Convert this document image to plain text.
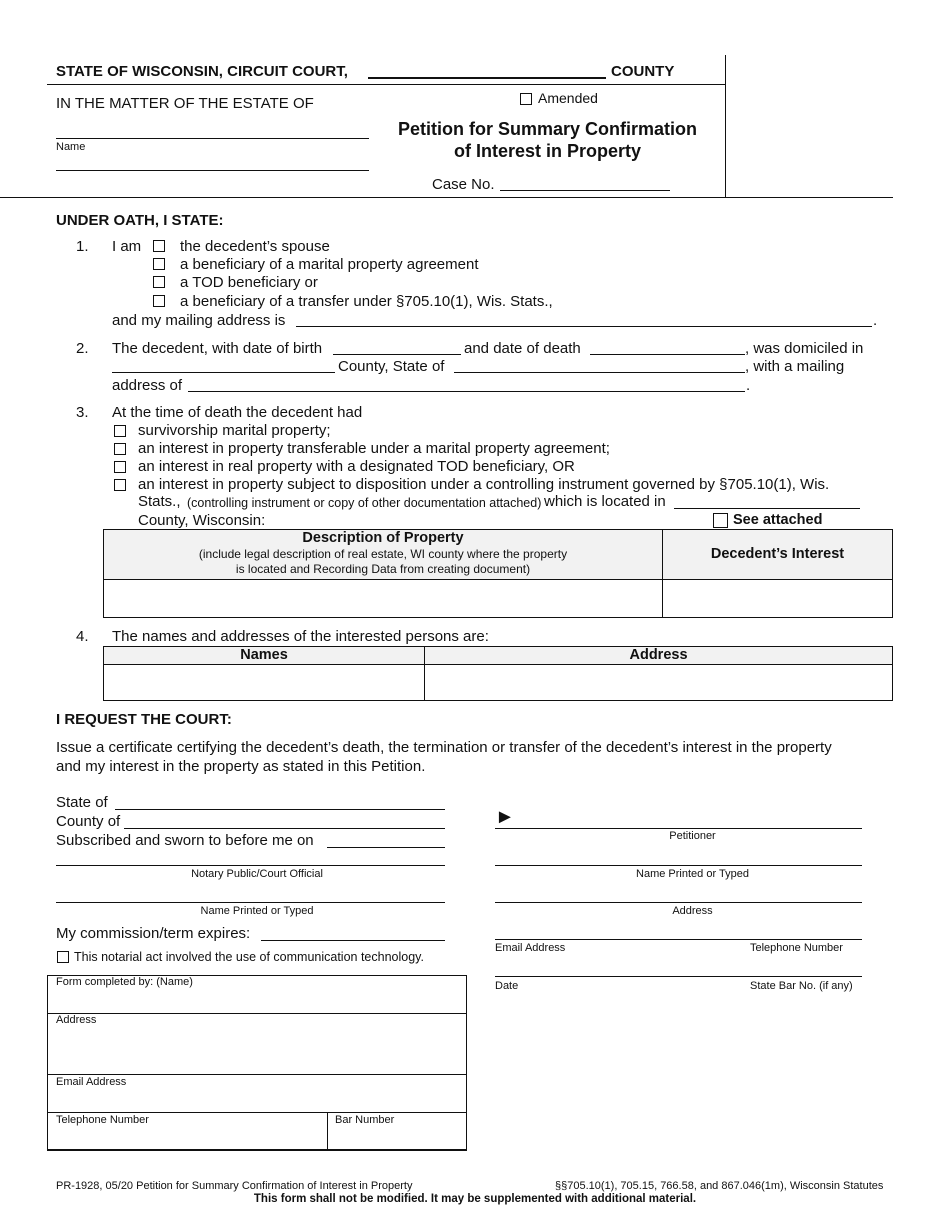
STATE OF WISCONSIN, CIRCUIT COURT,	COUNTY
IN THE MATTER OF THE ESTATE OF
Name
Amended
Petition for Summary Confirmation
of Interest in Property
Case No.
UNDER OATH, I STATE:
1. I am	the decedent’s spouse
a beneficiary of a marital property agreement
a TOD beneficiary or
a beneficiary of a transfer under §705.10(1), Wis. Stats.,
and my mailing address is	.
2. The decedent, with date of birth	and date of death	, was domiciled in
County, State of	, with a mailing
address of	.
3. At the time of death the decedent had
survivorship marital property;
an interest in property transferable under a marital property agreement;
an interest in real property with a designated TOD beneficiary, OR
an interest in property subject to disposition under a controlling instrument governed by §705.10(1), Wis.
Stats., (controlling instrument or copy of other documentation attached) which is located in
County, Wisconsin:	See attached
Description of Property
(include legal description of real estate, WI county where the property
is located and Recording Data from creating document)
Decedent’s Interest
4. The names and addresses of the interested persons are:
Names	Address
I REQUEST THE COURT:
Issue a certificate certifying the decedent’s death, the termination or transfer of the decedent’s interest in the property
and my interest in the property as stated in this Petition.
State of
County of
Subscribed and sworn to before me on
Notary Public/Court Official
Name Printed or Typed
My commission/term expires:
This notarial act involved the use of communication technology.
►
Petitioner
Name Printed or Typed
Address
Email Address	Telephone Number
Date	State Bar No. (if any)
Form completed by: (Name)
Address
Email Address
Telephone Number	Bar Number
PR-1928, 05/20 Petition for Summary Confirmation of Interest in Property	§§705.10(1), 705.15, 766.58, and 867.046(1m), Wisconsin Statutes
This form shall not be modified. It may be supplemented with additional material.
